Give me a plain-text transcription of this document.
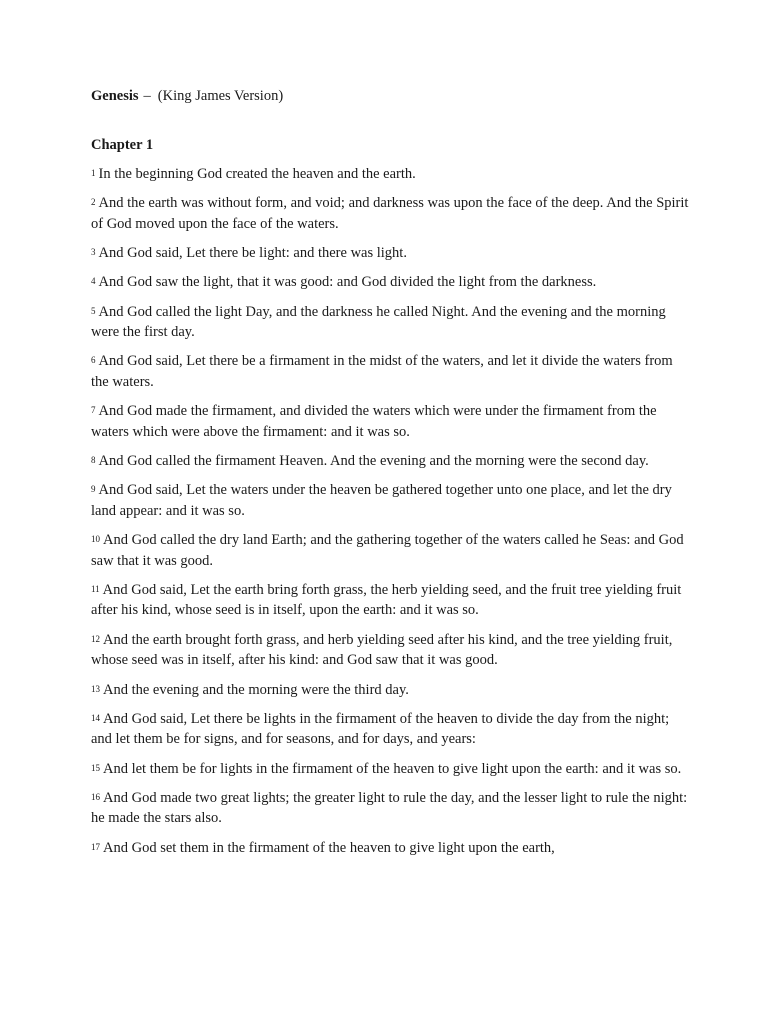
Genesis – (King James Version)
Chapter 1
$^1$ In the beginning God created the heaven and the earth.
$^2$ And the earth was without form, and void; and darkness was upon the face of the deep. And the Spirit of God moved upon the face of the waters.
$^3$ And God said, Let there be light: and there was light.
$^4$ And God saw the light, that it was good: and God divided the light from the darkness.
$^5$ And God called the light Day, and the darkness he called Night. And the evening and the morning were the first day.
$^6$ And God said, Let there be a firmament in the midst of the waters, and let it divide the waters from the waters.
$^7$ And God made the firmament, and divided the waters which were under the firmament from the waters which were above the firmament: and it was so.
$^8$ And God called the firmament Heaven. And the evening and the morning were the second day.
$^9$ And God said, Let the waters under the heaven be gathered together unto one place, and let the dry land appear: and it was so.
$^{10}$ And God called the dry land Earth; and the gathering together of the waters called he Seas: and God saw that it was good.
$^{11}$ And God said, Let the earth bring forth grass, the herb yielding seed, and the fruit tree yielding fruit after his kind, whose seed is in itself, upon the earth: and it was so.
$^{12}$ And the earth brought forth grass, and herb yielding seed after his kind, and the tree yielding fruit, whose seed was in itself, after his kind: and God saw that it was good.
$^{13}$ And the evening and the morning were the third day.
$^{14}$ And God said, Let there be lights in the firmament of the heaven to divide the day from the night; and let them be for signs, and for seasons, and for days, and years:
$^{15}$ And let them be for lights in the firmament of the heaven to give light upon the earth: and it was so.
$^{16}$ And God made two great lights; the greater light to rule the day, and the lesser light to rule the night: he made the stars also.
$^{17}$ And God set them in the firmament of the heaven to give light upon the earth,
